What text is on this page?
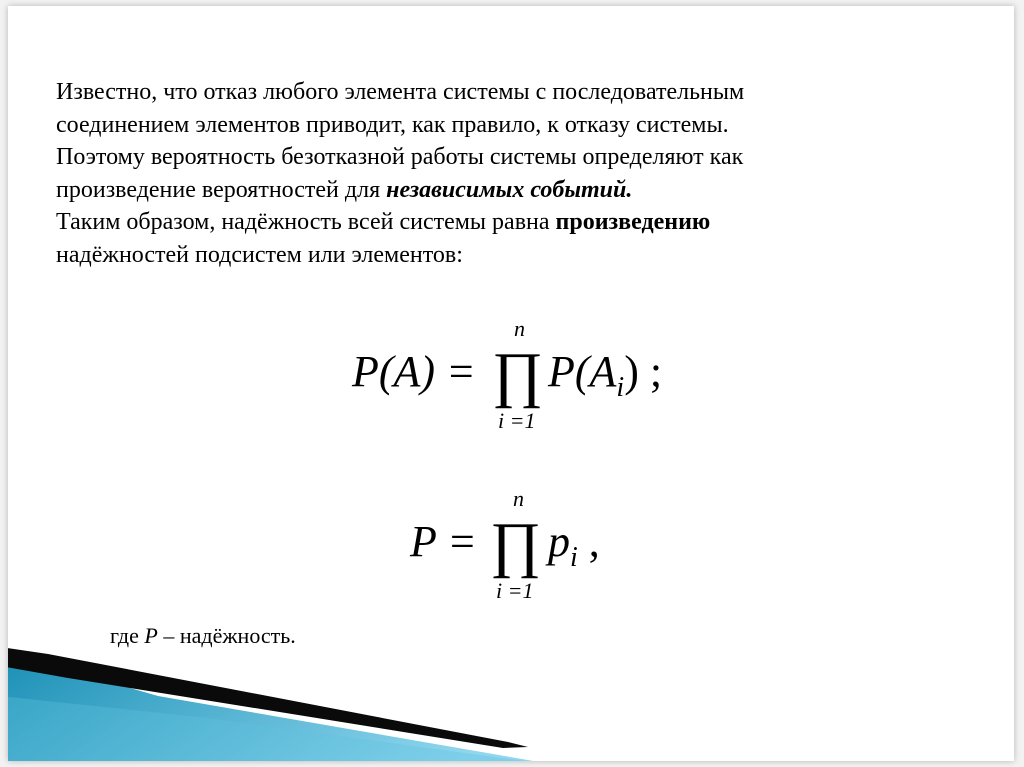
Известно, что отказ любого элемента системы с последовательным

соединением элементов приводит, как правило, к отказу системы.

Поэтому вероятность безотказной работы системы определяют как

произведение вероятностей для независимых событий.

Таким образом, надёжность всей системы равна произведению

надёжностей подсистем или элементов:

P(A) =
n
∏
i =1
$P(A_i)$ ;
P =
n
∏
i =1
$p_i$ ,
где P – надёжность.
